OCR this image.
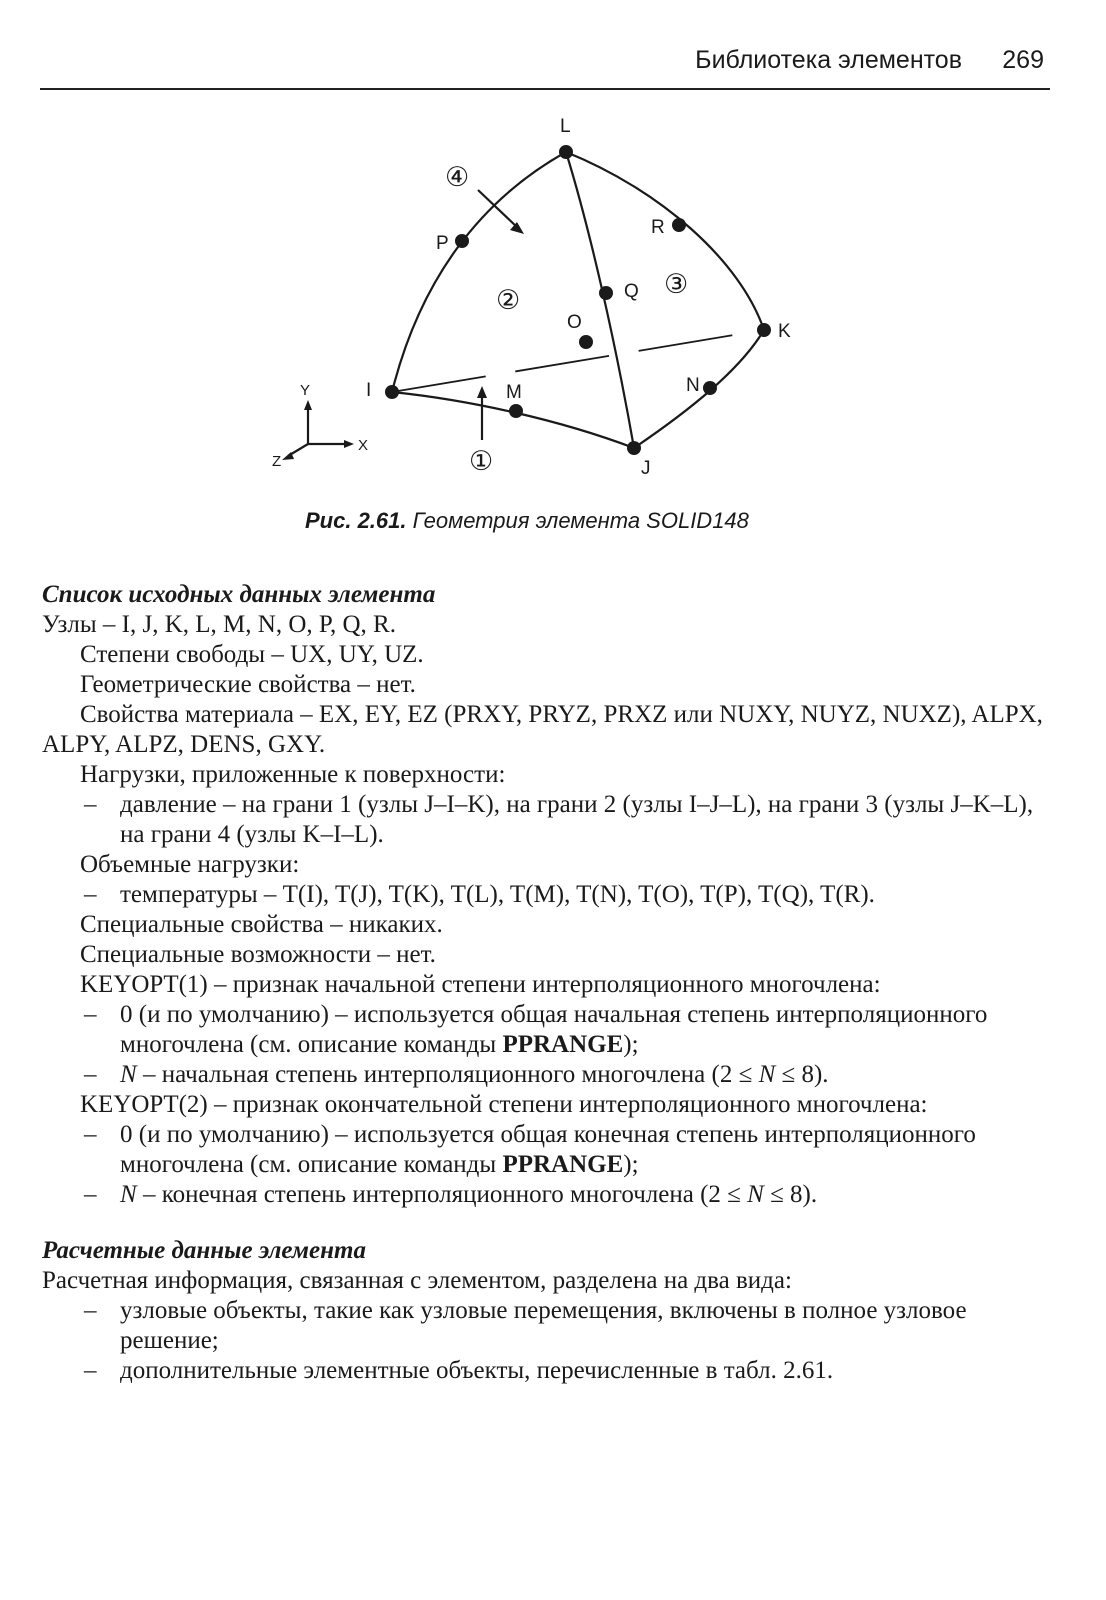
Библиотека элементов 269
L
P
R
Q
O	K
I	M	N
J
Y
X
Z
④
②
③
①
Рис. 2.61. Геометрия элемента SOLID148

Список исходных данных элемента

Узлы – I, J, K, L, M, N, O, P, Q, R.

Степени свободы – UX, UY, UZ.

Геометрические свойства – нет.

Свойства материала – EX, EY, EZ (PRXY, PRYZ, PRXZ или NUXY, NUYZ, NUXZ), ALPX, ALPY, ALPZ, DENS, GXY.

Нагрузки, приложенные к поверхности:

– давление – на грани 1 (узлы J–I–K), на грани 2 (узлы I–J–L), на грани 3 (узлы J–K–L), на грани 4 (узлы K–I–L).

Объемные нагрузки:

– температуры – T(I), T(J), T(K), T(L), T(M), T(N), T(O), T(P), T(Q), T(R).

Специальные свойства – никаких.

Специальные возможности – нет.

KEYOPT(1) – признак начальной степени интерполяционного многочлена:

– 0 (и по умолчанию) – используется общая начальная степень интерполяционного многочлена (см. описание команды PPRANGE);

– N – начальная степень интерполяционного многочлена (2 ≤ N ≤ 8).

KEYOPT(2) – признак окончательной степени интерполяционного многочлена:

– 0 (и по умолчанию) – используется общая конечная степень интерполяционного многочлена (см. описание команды PPRANGE);

– N – конечная степень интерполяционного многочлена (2 ≤ N ≤ 8).

Расчетные данные элемента

Расчетная информация, связанная с элементом, разделена на два вида:

– узловые объекты, такие как узловые перемещения, включены в полное узловое решение;

– дополнительные элементные объекты, перечисленные в табл. 2.61.
